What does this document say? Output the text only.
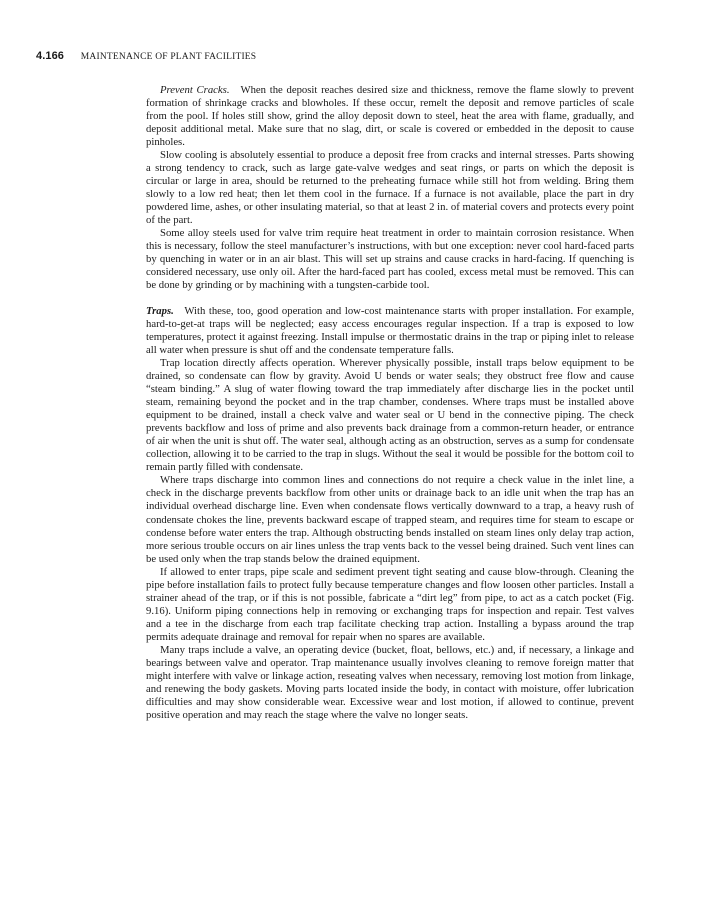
4.166 MAINTENANCE OF PLANT FACILITIES

Prevent Cracks. When the deposit reaches desired size and thickness, remove the flame slowly to prevent formation of shrinkage cracks and blowholes. If these occur, remelt the deposit and remove particles of scale from the pool. If holes still show, grind the alloy deposit down to steel, heat the area with flame, gradually, and deposit additional metal. Make sure that no slag, dirt, or scale is covered or embedded in the deposit to cause pinholes.

Slow cooling is absolutely essential to produce a deposit free from cracks and internal stresses. Parts showing a strong tendency to crack, such as large gate-valve wedges and seat rings, or parts on which the deposit is circular or large in area, should be returned to the preheating furnace while still hot from welding. Bring them slowly to a low red heat; then let them cool in the furnace. If a furnace is not available, place the part in dry powdered lime, ashes, or other insulating material, so that at least 2 in. of material covers and protects every point of the part.

Some alloy steels used for valve trim require heat treatment in order to maintain corrosion resistance. When this is necessary, follow the steel manufacturer’s instructions, with but one exception: never cool hard-faced parts by quenching in water or in an air blast. This will set up strains and cause cracks in hard-facing. If quenching is considered necessary, use only oil. After the hard-faced part has cooled, excess metal must be removed. This can be done by grinding or by machining with a tungsten-carbide tool.

Traps. With these, too, good operation and low-cost maintenance starts with proper installation. For example, hard-to-get-at traps will be neglected; easy access encourages regular inspection. If a trap is exposed to low temperatures, protect it against freezing. Install impulse or thermostatic drains in the trap or piping inlet to release all water when pressure is shut off and the condensate temperature falls.

Trap location directly affects operation. Wherever physically possible, install traps below equipment to be drained, so condensate can flow by gravity. Avoid U bends or water seals; they obstruct free flow and cause “steam binding.” A slug of water flowing toward the trap immediately after discharge lies in the pocket until steam, remaining beyond the pocket and in the trap chamber, condenses. Where traps must be installed above equipment to be drained, install a check valve and water seal or U bend in the connective piping. The check prevents backflow and loss of prime and also prevents back drainage from a common-return header, or entrance of air when the unit is shut off. The water seal, although acting as an obstruction, serves as a sump for condensate collection, allowing it to be carried to the trap in slugs. Without the seal it would be possible for the bottom coil to remain partly filled with condensate.

Where traps discharge into common lines and connections do not require a check value in the inlet line, a check in the discharge prevents backflow from other units or drainage back to an idle unit when the trap has an individual overhead discharge line. Even when condensate flows vertically downward to a trap, a heavy rush of condensate chokes the line, prevents backward escape of trapped steam, and requires time for steam to escape or condense before water enters the trap. Although obstructing bends installed on steam lines only delay trap action, more serious trouble occurs on air lines unless the trap vents back to the vessel being drained. Such vent lines can be used only when the trap stands below the drained equipment.

If allowed to enter traps, pipe scale and sediment prevent tight seating and cause blow-through. Cleaning the pipe before installation fails to protect fully because temperature changes and flow loosen other particles. Install a strainer ahead of the trap, or if this is not possible, fabricate a “dirt leg” from pipe, to act as a catch pocket (Fig. 9.16). Uniform piping connections help in removing or exchanging traps for inspection and repair. Test valves and a tee in the discharge from each trap facilitate checking trap action. Installing a bypass around the trap permits adequate drainage and removal for repair when no spares are available.

Many traps include a valve, an operating device (bucket, float, bellows, etc.) and, if necessary, a linkage and bearings between valve and operator. Trap maintenance usually involves cleaning to remove foreign matter that might interfere with valve or linkage action, reseating valves when necessary, removing lost motion from linkage, and renewing the body gaskets. Moving parts located inside the body, in contact with moisture, offer lubrication difficulties and may show considerable wear. Excessive wear and lost motion, if allowed to continue, prevent positive operation and may reach the stage where the valve no longer seats.
